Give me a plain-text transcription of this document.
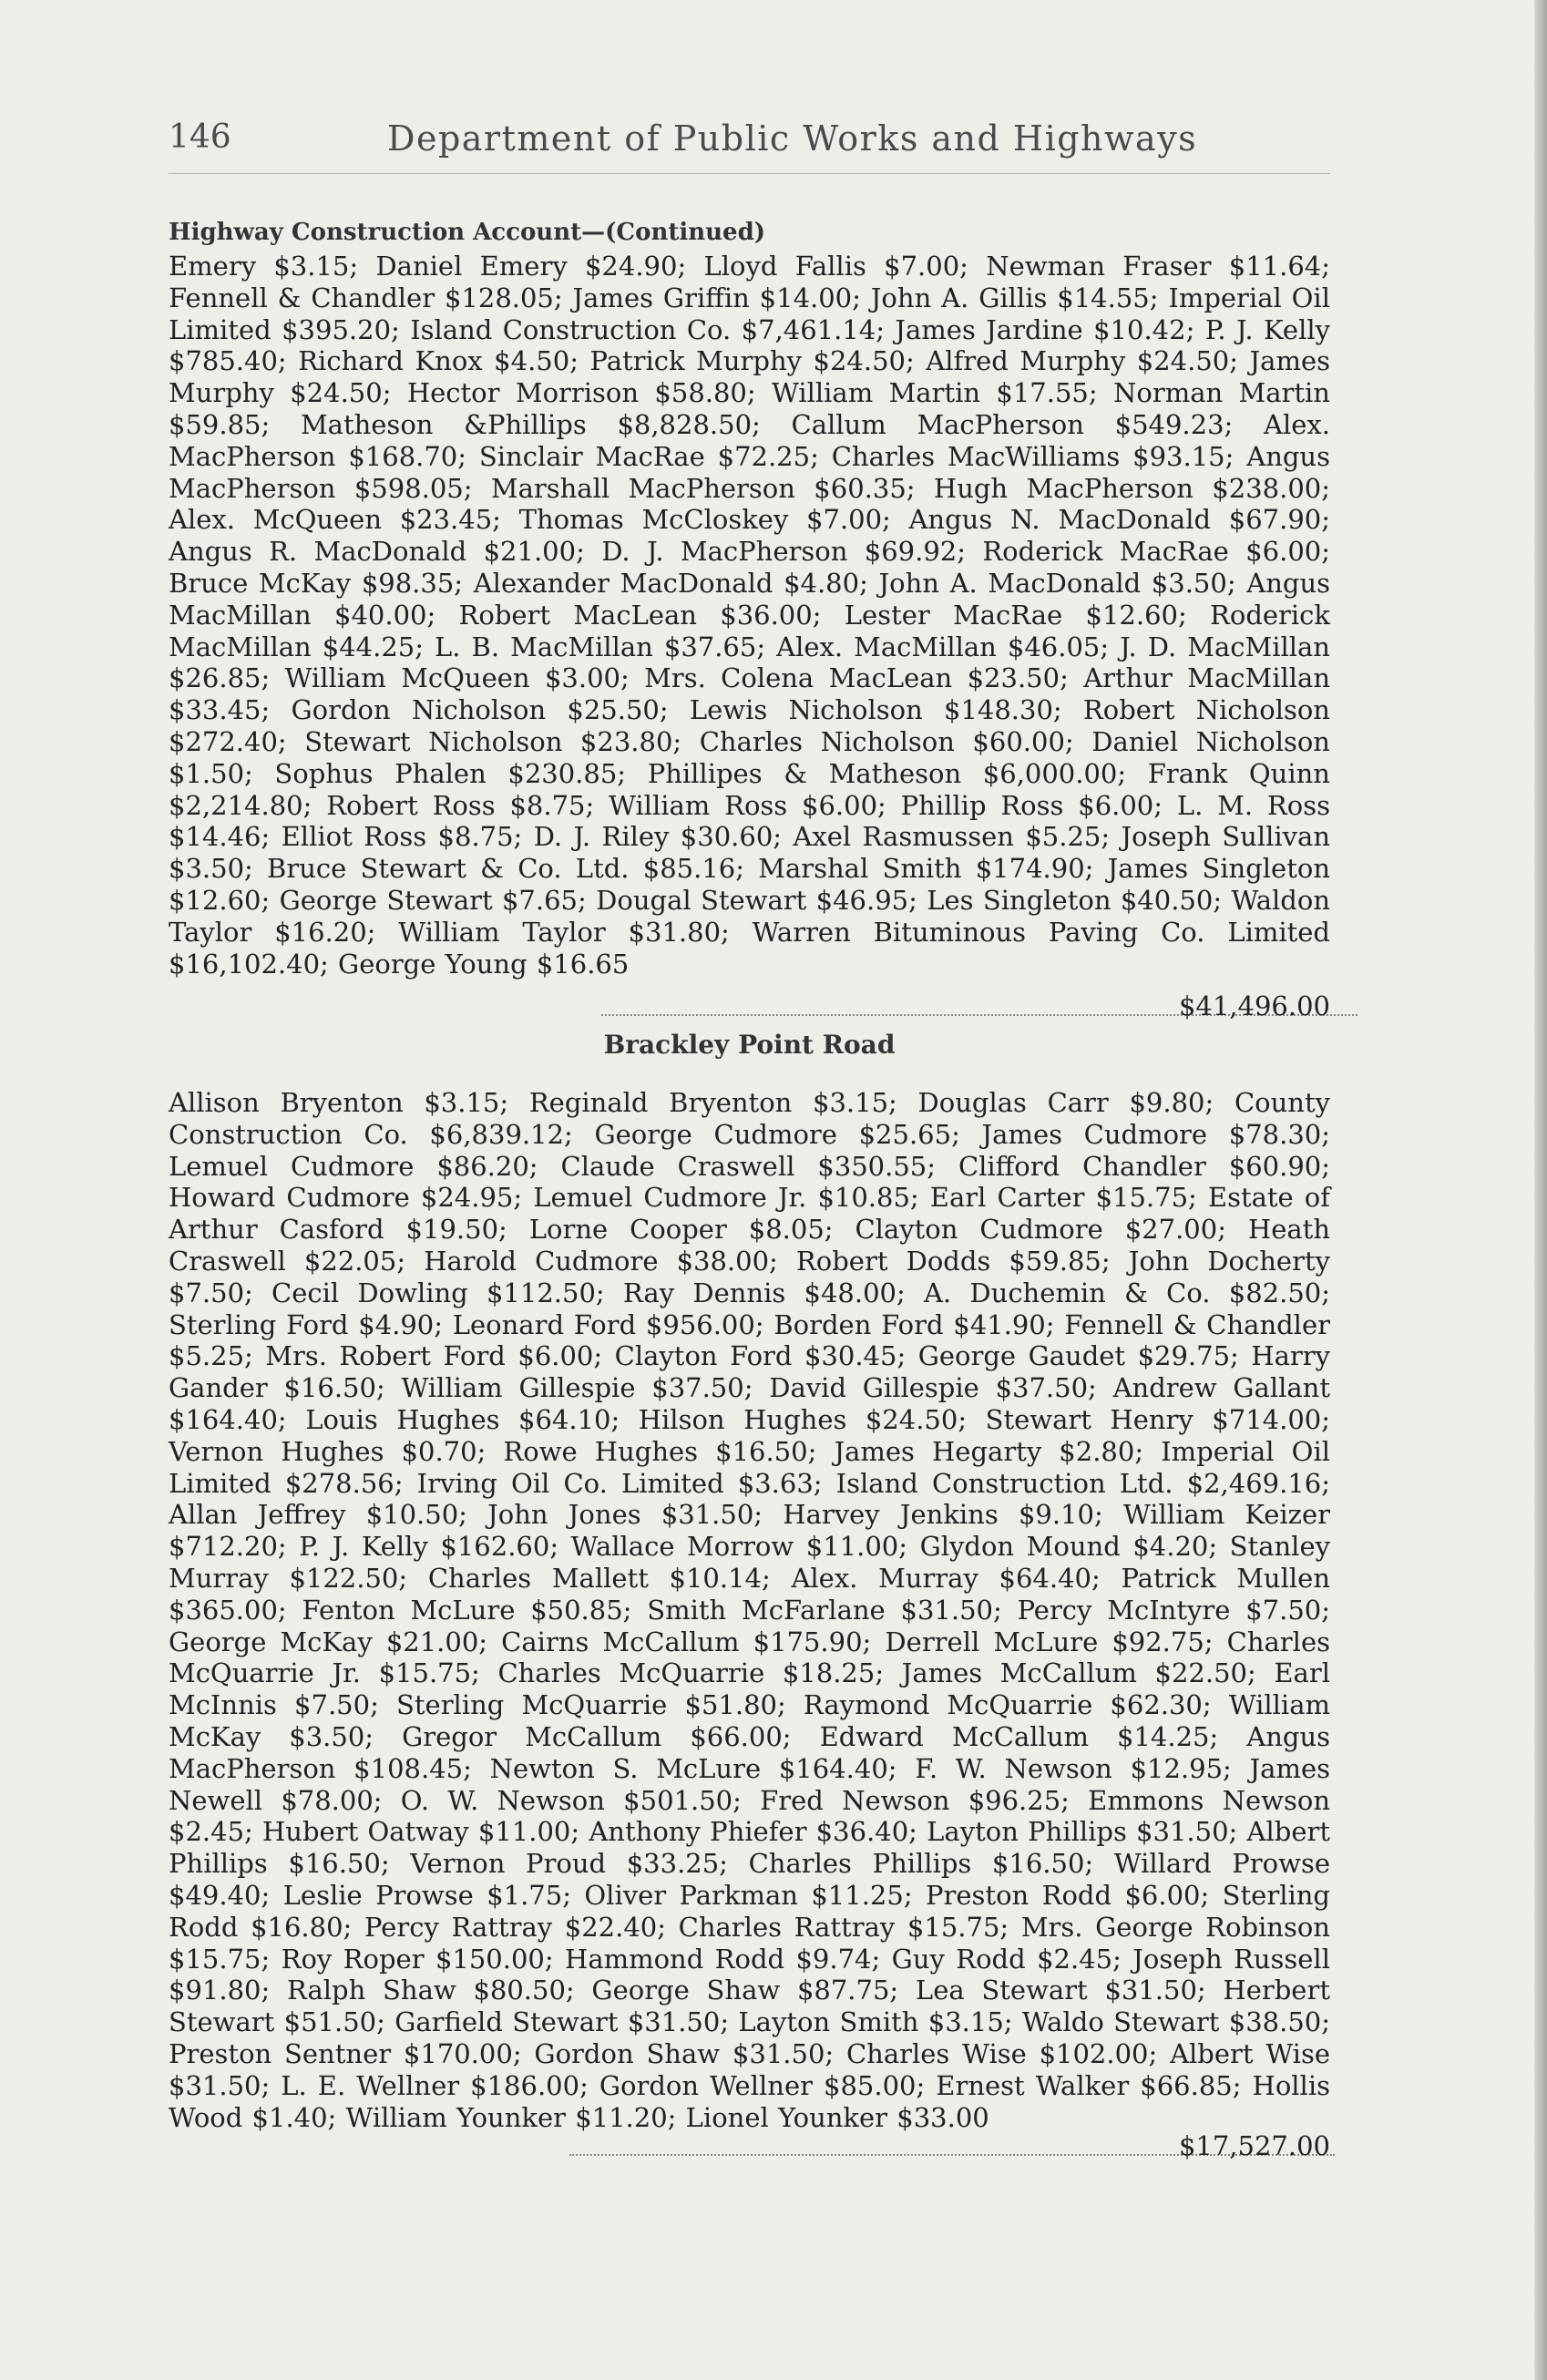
146	Department of Public Works and Highways
Highway Construction Account—(Continued)
Emery $3.15; Daniel Emery $24.90; Lloyd Fallis $7.00; Newman Fraser $11.64; Fennell & Chandler $128.05; James Griffin $14.00; John A. Gillis $14.55; Imperial Oil Limited $395.20; Island Construction Co. $7,461.14; James Jardine $10.42; P. J. Kelly $785.40; Richard Knox $4.50; Patrick Murphy $24.50; Alfred Murphy $24.50; James Murphy $24.50; Hector Morrison $58.80; William Martin $17.55; Norman Martin $59.85; Matheson &Phillips $8,828.50; Callum MacPherson $549.23; Alex. MacPherson $168.70; Sinclair MacRae $72.25; Charles MacWilliams $93.15; Angus MacPherson $598.05; Marshall MacPherson $60.35; Hugh MacPherson $238.00; Alex. McQueen $23.45; Thomas McCloskey $7.00; Angus N. MacDonald $67.90; Angus R. MacDonald $21.00; D. J. MacPherson $69.92; Roderick MacRae $6.00; Bruce McKay $98.35; Alexander MacDonald $4.80; John A. MacDonald $3.50; Angus MacMillan $40.00; Robert MacLean $36.00; Lester MacRae $12.60; Roderick MacMillan $44.25; L. B. MacMillan $37.65; Alex. MacMillan $46.05; J. D. MacMillan $26.85; William McQueen $3.00; Mrs. Colena MacLean $23.50; Arthur MacMillan $33.45; Gordon Nicholson $25.50; Lewis Nicholson $148.30; Robert Nicholson $272.40; Stewart Nicholson $23.80; Charles Nicholson $60.00; Daniel Nicholson $1.50; Sophus Phalen $230.85; Phillipes & Matheson $6,000.00; Frank Quinn $2,214.80; Robert Ross $8.75; William Ross $6.00; Phillip Ross $6.00; L. M. Ross $14.46; Elliot Ross $8.75; D. J. Riley $30.60; Axel Rasmussen $5.25; Joseph Sullivan $3.50; Bruce Stewart & Co. Ltd. $85.16; Marshal Smith $174.90; James Singleton $12.60; George Stewart $7.65; Dougal Stewart $46.95; Les Singleton $40.50; Waldon Taylor $16.20; William Taylor $31.80; Warren Bituminous Paving Co. Limited $16,102.40; George Young $16.65
$41,496.00
Brackley Point Road
Allison Bryenton $3.15; Reginald Bryenton $3.15; Douglas Carr $9.80; County Construction Co. $6,839.12; George Cudmore $25.65; James Cudmore $78.30; Lemuel Cudmore $86.20; Claude Craswell $350.55; Clifford Chandler $60.90; Howard Cudmore $24.95; Lemuel Cudmore Jr. $10.85; Earl Carter $15.75; Estate of Arthur Casford $19.50; Lorne Cooper $8.05; Clayton Cudmore $27.00; Heath Craswell $22.05; Harold Cudmore $38.00; Robert Dodds $59.85; John Docherty $7.50; Cecil Dowling $112.50; Ray Dennis $48.00; A. Duchemin & Co. $82.50; Sterling Ford $4.90; Leonard Ford $956.00; Borden Ford $41.90; Fennell & Chandler $5.25; Mrs. Robert Ford $6.00; Clayton Ford $30.45; George Gaudet $29.75; Harry Gander $16.50; William Gillespie $37.50; David Gillespie $37.50; Andrew Gallant $164.40; Louis Hughes $64.10; Hilson Hughes $24.50; Stewart Henry $714.00; Vernon Hughes $0.70; Rowe Hughes $16.50; James Hegarty $2.80; Imperial Oil Limited $278.56; Irving Oil Co. Limited $3.63; Island Construction Ltd. $2,469.16; Allan Jeffrey $10.50; John Jones $31.50; Harvey Jenkins $9.10; William Keizer $712.20; P. J. Kelly $162.60; Wallace Morrow $11.00; Glydon Mound $4.20; Stanley Murray $122.50; Charles Mallett $10.14; Alex. Murray $64.40; Patrick Mullen $365.00; Fenton McLure $50.85; Smith McFarlane $31.50; Percy McIntyre $7.50; George McKay $21.00; Cairns McCallum $175.90; Derrell McLure $92.75; Charles McQuarrie Jr. $15.75; Charles McQuarrie $18.25; James McCallum $22.50; Earl McInnis $7.50; Sterling McQuarrie $51.80; Raymond McQuarrie $62.30; William McKay $3.50; Gregor McCallum $66.00; Edward McCallum $14.25; Angus MacPherson $108.45; Newton S. McLure $164.40; F. W. Newson $12.95; James Newell $78.00; O. W. Newson $501.50; Fred Newson $96.25; Emmons Newson $2.45; Hubert Oatway $11.00; Anthony Phiefer $36.40; Layton Phillips $31.50; Albert Phillips $16.50; Vernon Proud $33.25; Charles Phillips $16.50; Willard Prowse $49.40; Leslie Prowse $1.75; Oliver Parkman $11.25; Preston Rodd $6.00; Sterling Rodd $16.80; Percy Rattray $22.40; Charles Rattray $15.75; Mrs. George Robinson $15.75; Roy Roper $150.00; Hammond Rodd $9.74; Guy Rodd $2.45; Joseph Russell $91.80; Ralph Shaw $80.50; George Shaw $87.75; Lea Stewart $31.50; Herbert Stewart $51.50; Garfield Stewart $31.50; Layton Smith $3.15; Waldo Stewart $38.50; Preston Sentner $170.00; Gordon Shaw $31.50; Charles Wise $102.00; Albert Wise $31.50; L. E. Wellner $186.00; Gordon Wellner $85.00; Ernest Walker $66.85; Hollis Wood $1.40; William Younker $11.20; Lionel Younker $33.00
$17,527.00
